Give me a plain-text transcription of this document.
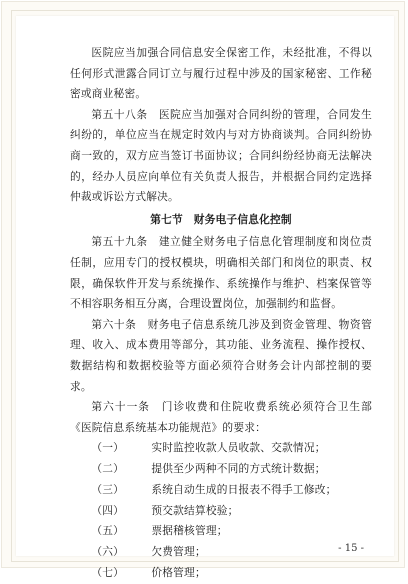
医院应当加强合同信息安全保密工作，未经批准，不得以任何形式泄露合同订立与履行过程中涉及的国家秘密、工作秘密或商业秘密。

第五十八条　医院应当加强对合同纠纷的管理，合同发生纠纷的，单位应当在规定时效内与对方协商谈判。合同纠纷协商一致的，双方应当签订书面协议；合同纠纷经协商无法解决的，经办人员应向单位有关负责人报告，并根据合同约定选择仲裁或诉讼方式解决。

第七节　财务电子信息化控制

第五十九条　建立健全财务电子信息化管理制度和岗位责任制，应用专门的授权模块，明确相关部门和岗位的职责、权限，确保软件开发与系统操作、系统操作与维护、档案保管等不相容职务相互分离，合理设置岗位，加强制约和监督。

第六十条　财务电子信息系统几涉及到资金管理、物资管理、收入、成本费用等部分，其功能、业务流程、操作授权、数据结构和数据校验等方面必须符合财务会计内部控制的要求。

第六十一条　门诊收费和住院收费系统必须符合卫生部《医院信息系统基本功能规范》的要求：

（一）	实时监控收款人员收款、交款情况；
（二）	提供至少两种不同的方式统计数据；
（三）	系统自动生成的日报表不得手工修改；
（四）	预交款结算校验；
（五）	票据稽核管理；
（六）	欠费管理；
（七）	价格管理；
- 15 -
